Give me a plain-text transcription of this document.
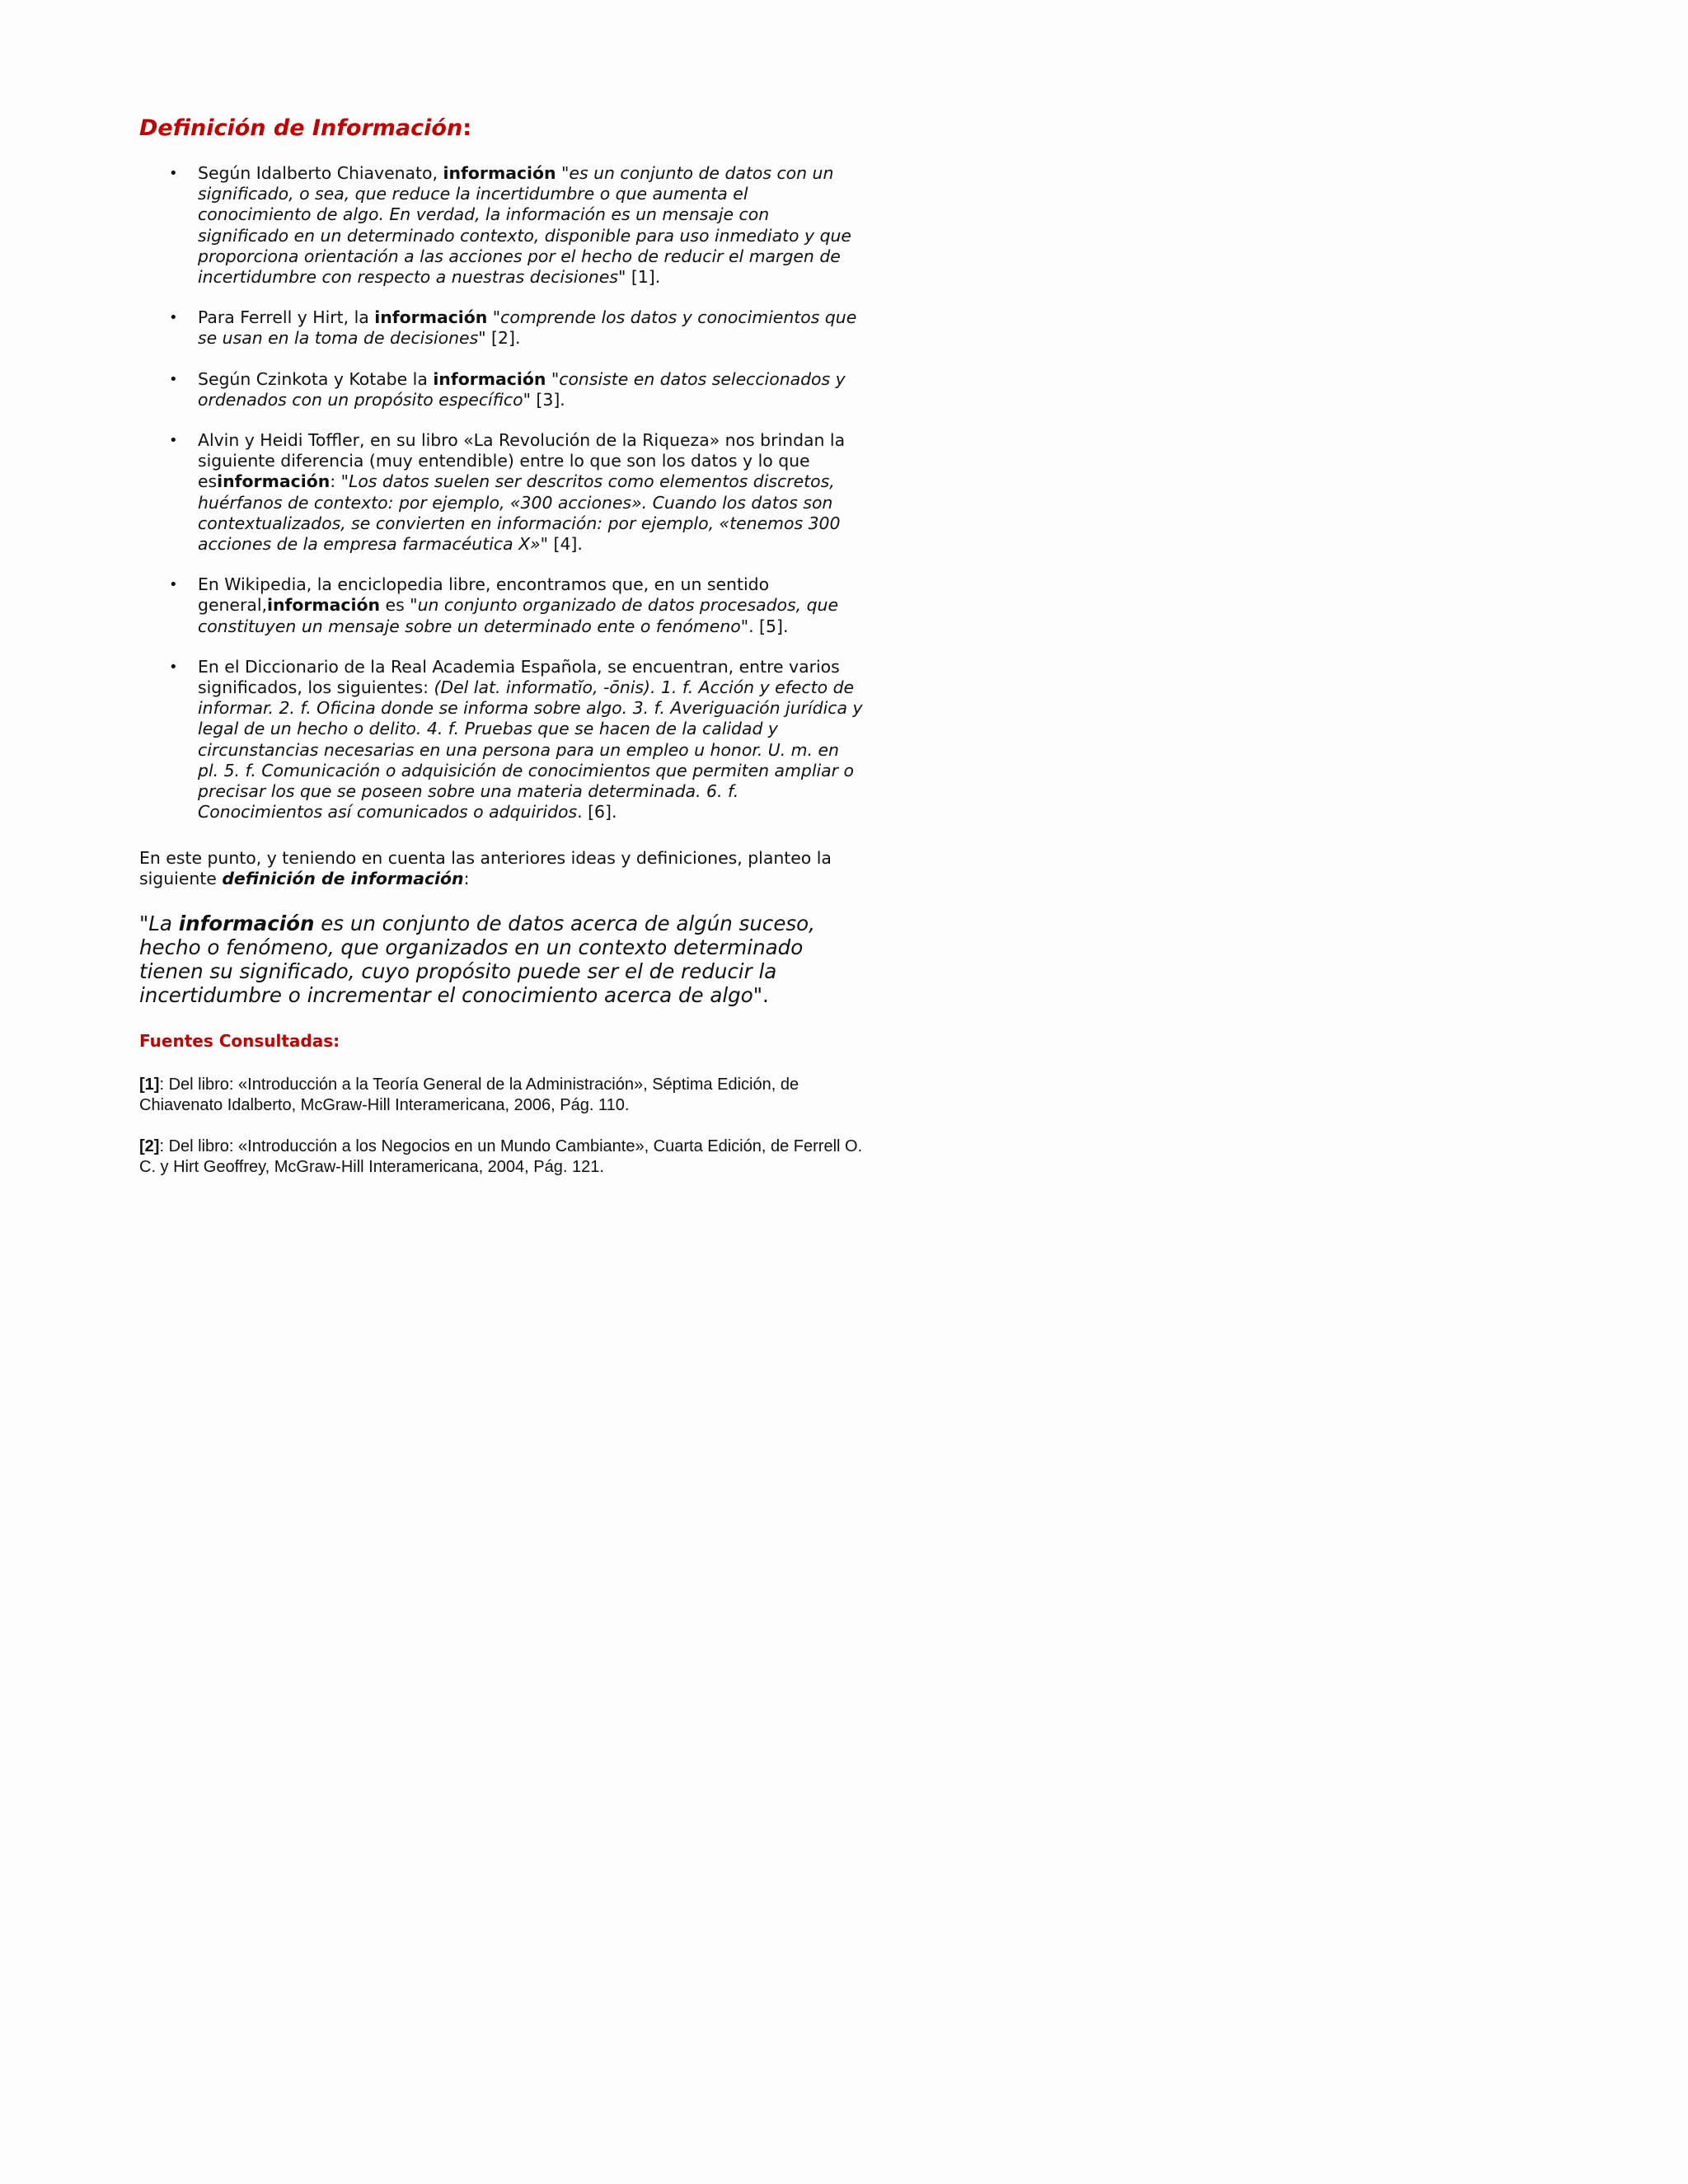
Definición de Información:
• Según Idalberto Chiavenato, información "es un conjunto de datos con un significado, o sea, que reduce la incertidumbre o que aumenta el conocimiento de algo. En verdad, la información es un mensaje con significado en un determinado contexto, disponible para uso inmediato y que proporciona orientación a las acciones por el hecho de reducir el margen de incertidumbre con respecto a nuestras decisiones" [1].
• Para Ferrell y Hirt, la información "comprende los datos y conocimientos que se usan en la toma de decisiones" [2].
• Según Czinkota y Kotabe la información "consiste en datos seleccionados y ordenados con un propósito específico" [3].
• Alvin y Heidi Toffler, en su libro «La Revolución de la Riqueza» nos brindan la siguiente diferencia (muy entendible) entre lo que son los datos y lo que esinformación: "Los datos suelen ser descritos como elementos discretos, huérfanos de contexto: por ejemplo, «300 acciones». Cuando los datos son contextualizados, se convierten en información: por ejemplo, «tenemos 300 acciones de la empresa farmacéutica X»" [4].
• En Wikipedia, la enciclopedia libre, encontramos que, en un sentido general,información es "un conjunto organizado de datos procesados, que constituyen un mensaje sobre un determinado ente o fenómeno". [5].
• En el Diccionario de la Real Academia Española, se encuentran, entre varios significados, los siguientes: (Del lat. informatĭo, -ōnis). 1. f. Acción y efecto de informar. 2. f. Oficina donde se informa sobre algo. 3. f. Averiguación jurídica y legal de un hecho o delito. 4. f. Pruebas que se hacen de la calidad y circunstancias necesarias en una persona para un empleo u honor. U. m. en pl. 5. f. Comunicación o adquisición de conocimientos que permiten ampliar o precisar los que se poseen sobre una materia determinada. 6. f. Conocimientos así comunicados o adquiridos. [6].

En este punto, y teniendo en cuenta las anteriores ideas y definiciones, planteo la siguiente definición de información:

"La información es un conjunto de datos acerca de algún suceso, hecho o fenómeno, que organizados en un contexto determinado tienen su significado, cuyo propósito puede ser el de reducir la incertidumbre o incrementar el conocimiento acerca de algo".

Fuentes Consultadas:

[1]: Del libro: «Introducción a la Teoría General de la Administración», Séptima Edición, de Chiavenato Idalberto, McGraw-Hill Interamericana, 2006, Pág. 110.

[2]: Del libro: «Introducción a los Negocios en un Mundo Cambiante», Cuarta Edición, de Ferrell O. C. y Hirt Geoffrey, McGraw-Hill Interamericana, 2004, Pág. 121.
